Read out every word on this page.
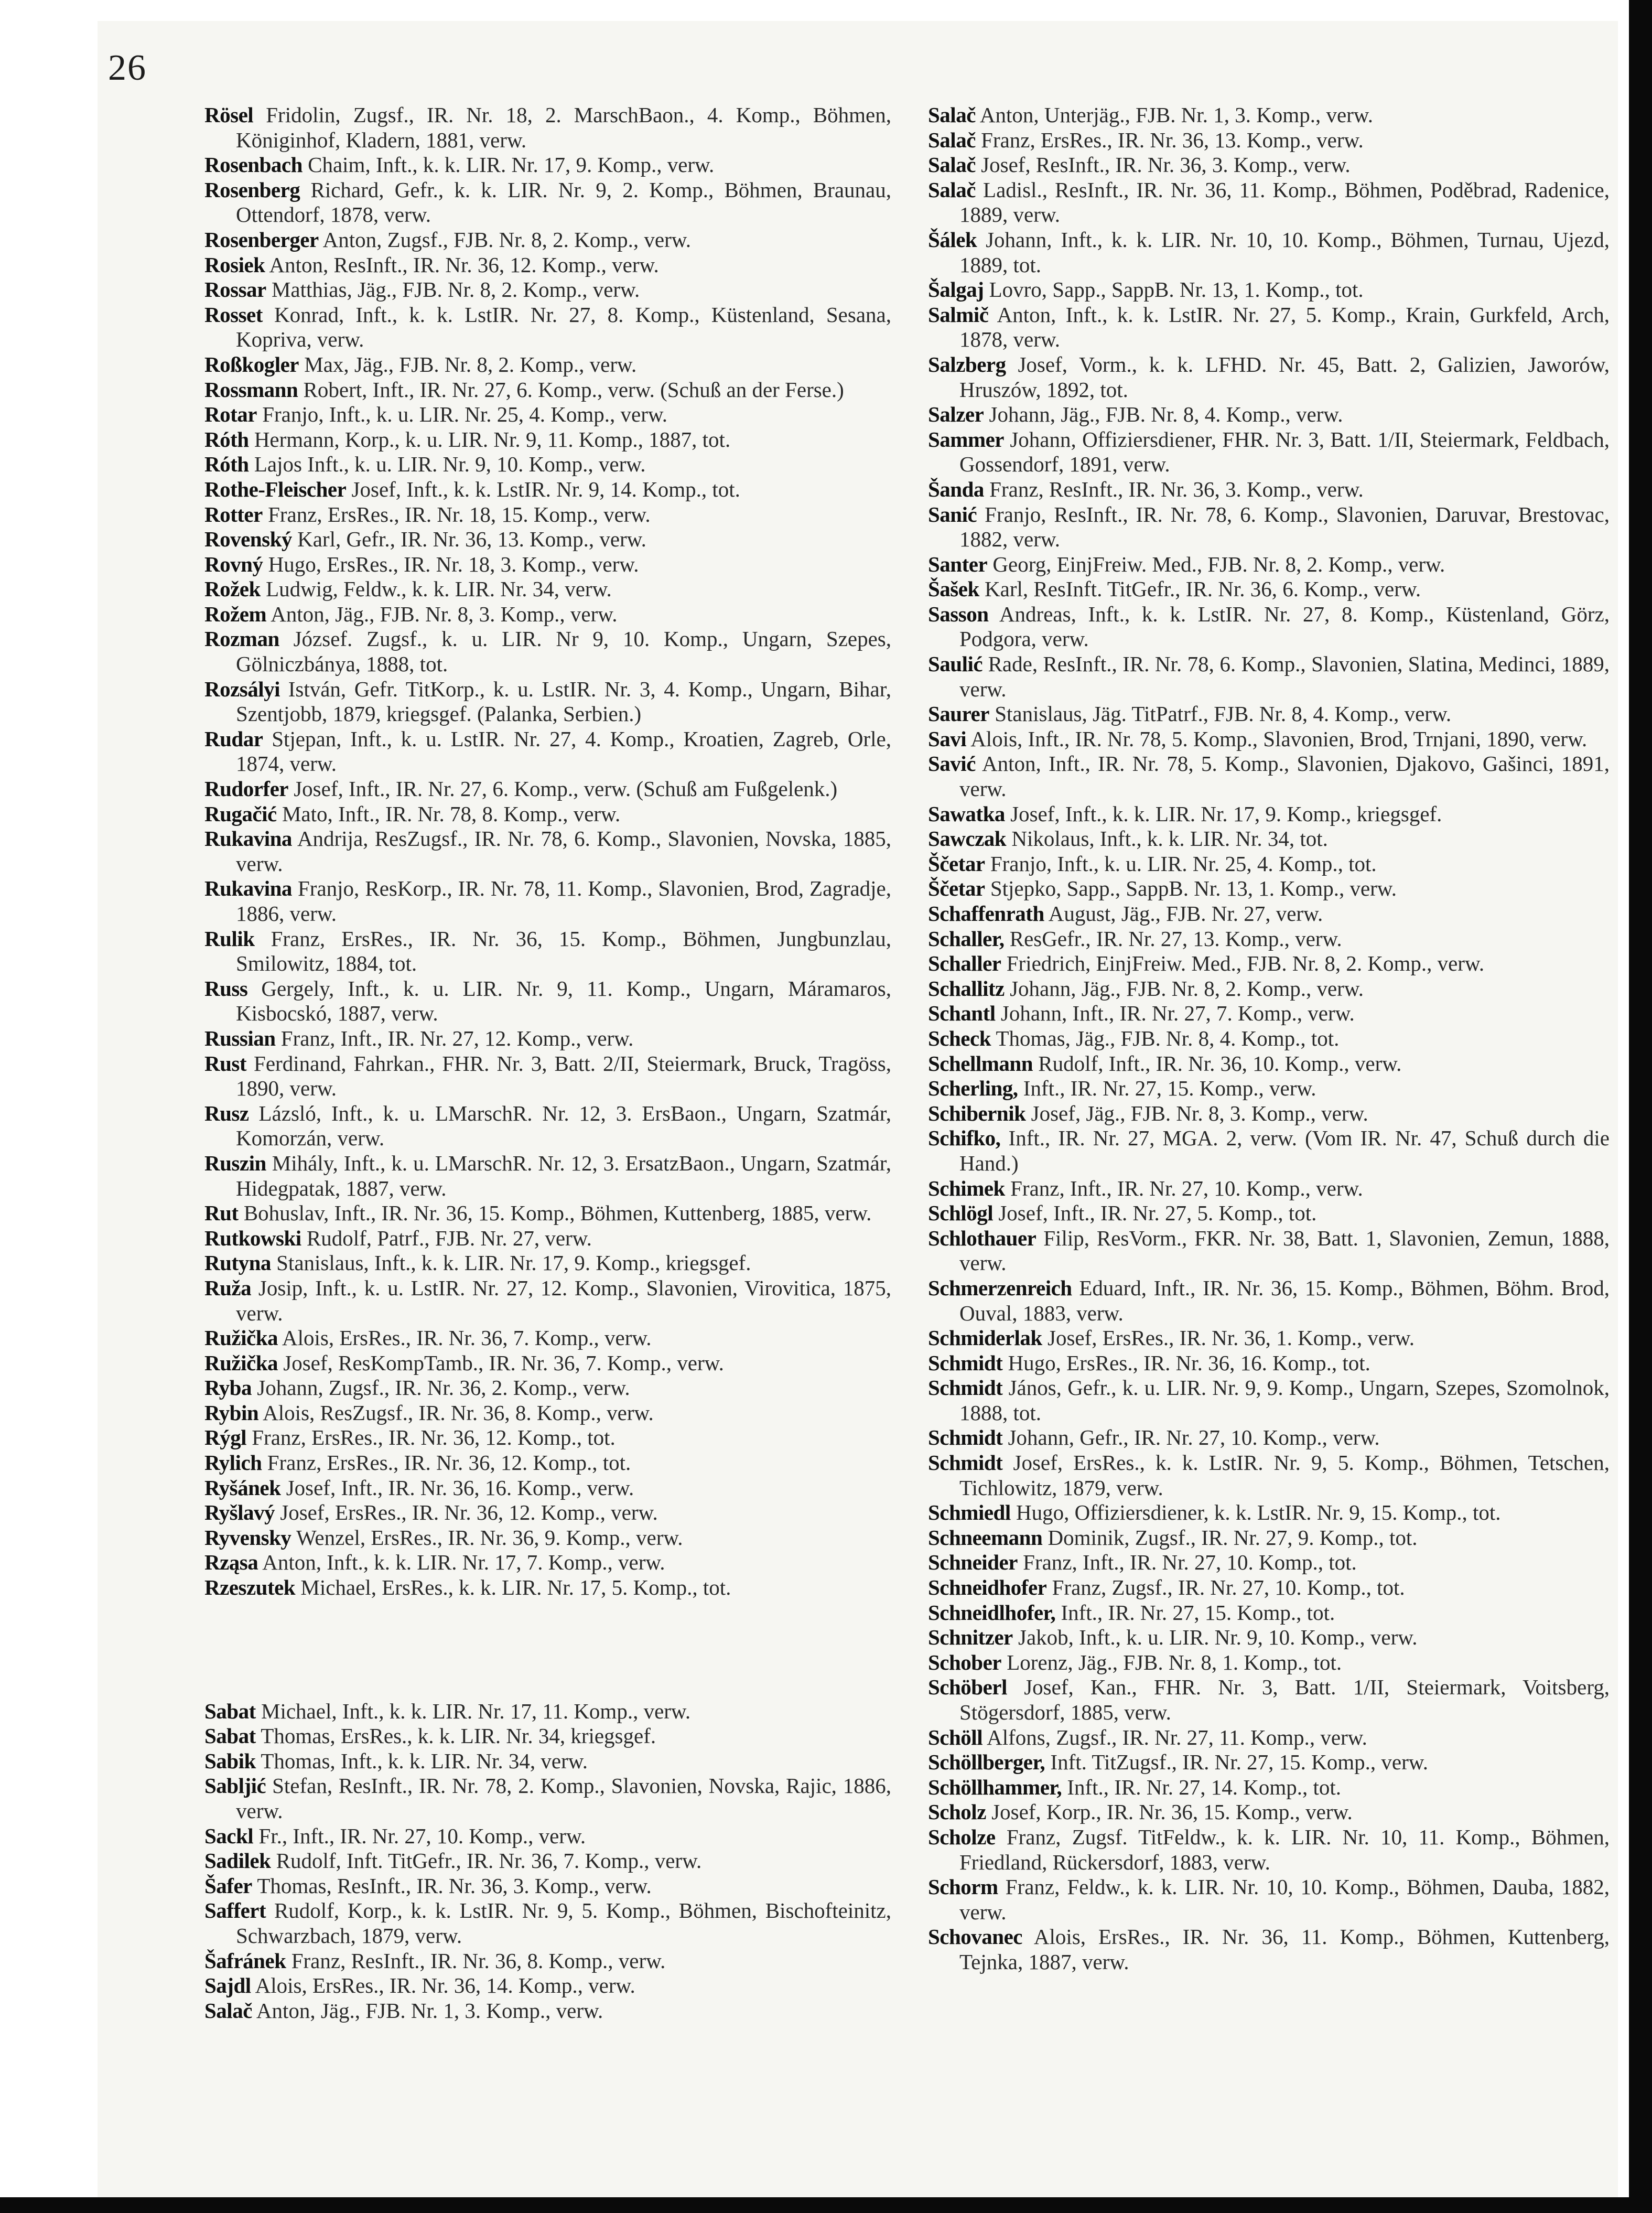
26
Rösel Fridolin, Zugsf., IR. Nr. 18, 2. MarschBaon., 4. Komp., Böhmen, Königinhof, Kladern, 1881, verw.
Rosenbach Chaim, Inft., k. k. LIR. Nr. 17, 9. Komp., verw.
Rosenberg Richard, Gefr., k. k. LIR. Nr. 9, 2. Komp., Böhmen, Braunau, Ottendorf, 1878, verw.
Rosenberger Anton, Zugsf., FJB. Nr. 8, 2. Komp., verw.
Rosiek Anton, ResInft., IR. Nr. 36, 12. Komp., verw.
Rossar Matthias, Jäg., FJB. Nr. 8, 2. Komp., verw.
Rosset Konrad, Inft., k. k. LstIR. Nr. 27, 8. Komp., Küstenland, Sesana, Kopriva, verw.
Roßkogler Max, Jäg., FJB. Nr. 8, 2. Komp., verw.
Rossmann Robert, Inft., IR. Nr. 27, 6. Komp., verw. (Schuß an der Ferse.)
Rotar Franjo, Inft., k. u. LIR. Nr. 25, 4. Komp., verw.
Róth Hermann, Korp., k. u. LIR. Nr. 9, 11. Komp., 1887, tot.
Róth Lajos Inft., k. u. LIR. Nr. 9, 10. Komp., verw.
Rothe-Fleischer Josef, Inft., k. k. LstIR. Nr. 9, 14. Komp., tot.
Rotter Franz, ErsRes., IR. Nr. 18, 15. Komp., verw.
Rovenský Karl, Gefr., IR. Nr. 36, 13. Komp., verw.
Rovný Hugo, ErsRes., IR. Nr. 18, 3. Komp., verw.
Rožek Ludwig, Feldw., k. k. LIR. Nr. 34, verw.
Rožem Anton, Jäg., FJB. Nr. 8, 3. Komp., verw.
Rozman József. Zugsf., k. u. LIR. Nr 9, 10. Komp., Ungarn, Szepes, Gölniczbánya, 1888, tot.
Rozsályi István, Gefr. TitKorp., k. u. LstIR. Nr. 3, 4. Komp., Ungarn, Bihar, Szentjobb, 1879, kriegsgef. (Palanka, Serbien.)
Rudar Stjepan, Inft., k. u. LstIR. Nr. 27, 4. Komp., Kroatien, Zagreb, Orle, 1874, verw.
Rudorfer Josef, Inft., IR. Nr. 27, 6. Komp., verw. (Schuß am Fußgelenk.)
Rugačić Mato, Inft., IR. Nr. 78, 8. Komp., verw.
Rukavina Andrija, ResZugsf., IR. Nr. 78, 6. Komp., Slavonien, Novska, 1885, verw.
Rukavina Franjo, ResKorp., IR. Nr. 78, 11. Komp., Slavonien, Brod, Zagradje, 1886, verw.
Rulik Franz, ErsRes., IR. Nr. 36, 15. Komp., Böhmen, Jungbunzlau, Smilowitz, 1884, tot.
Russ Gergely, Inft., k. u. LIR. Nr. 9, 11. Komp., Ungarn, Máramaros, Kisbocskó, 1887, verw.
Russian Franz, Inft., IR. Nr. 27, 12. Komp., verw.
Rust Ferdinand, Fahrkan., FHR. Nr. 3, Batt. 2/II, Steiermark, Bruck, Tragöss, 1890, verw.
Rusz Lázsló, Inft., k. u. LMarschR. Nr. 12, 3. ErsBaon., Ungarn, Szatmár, Komorzán, verw.
Ruszin Mihály, Inft., k. u. LMarschR. Nr. 12, 3. ErsatzBaon., Ungarn, Szatmár, Hidegpatak, 1887, verw.
Rut Bohuslav, Inft., IR. Nr. 36, 15. Komp., Böhmen, Kuttenberg, 1885, verw.
Rutkowski Rudolf, Patrf., FJB. Nr. 27, verw.
Rutyna Stanislaus, Inft., k. k. LIR. Nr. 17, 9. Komp., kriegsgef.
Ruža Josip, Inft., k. u. LstIR. Nr. 27, 12. Komp., Slavonien, Virovitica, 1875, verw.
Ružička Alois, ErsRes., IR. Nr. 36, 7. Komp., verw.
Ružička Josef, ResKompTamb., IR. Nr. 36, 7. Komp., verw.
Ryba Johann, Zugsf., IR. Nr. 36, 2. Komp., verw.
Rybin Alois, ResZugsf., IR. Nr. 36, 8. Komp., verw.
Rýgl Franz, ErsRes., IR. Nr. 36, 12. Komp., tot.
Rylich Franz, ErsRes., IR. Nr. 36, 12. Komp., tot.
Ryšánek Josef, Inft., IR. Nr. 36, 16. Komp., verw.
Ryšlavý Josef, ErsRes., IR. Nr. 36, 12. Komp., verw.
Ryvensky Wenzel, ErsRes., IR. Nr. 36, 9. Komp., verw.
Rząsa Anton, Inft., k. k. LIR. Nr. 17, 7. Komp., verw.
Rzeszutek Michael, ErsRes., k. k. LIR. Nr. 17, 5. Komp., tot.
Sabat Michael, Inft., k. k. LIR. Nr. 17, 11. Komp., verw.
Sabat Thomas, ErsRes., k. k. LIR. Nr. 34, kriegsgef.
Sabik Thomas, Inft., k. k. LIR. Nr. 34, verw.
Sabljić Stefan, ResInft., IR. Nr. 78, 2. Komp., Slavonien, Novska, Rajic, 1886, verw.
Sackl Fr., Inft., IR. Nr. 27, 10. Komp., verw.
Sadilek Rudolf, Inft. TitGefr., IR. Nr. 36, 7. Komp., verw.
Šafer Thomas, ResInft., IR. Nr. 36, 3. Komp., verw.
Saffert Rudolf, Korp., k. k. LstIR. Nr. 9, 5. Komp., Böhmen, Bischofteinitz, Schwarzbach, 1879, verw.
Šafránek Franz, ResInft., IR. Nr. 36, 8. Komp., verw.
Sajdl Alois, ErsRes., IR. Nr. 36, 14. Komp., verw.
Salač Anton, Jäg., FJB. Nr. 1, 3. Komp., verw.
Salač Anton, Unterjäg., FJB. Nr. 1, 3. Komp., verw.
Salač Franz, ErsRes., IR. Nr. 36, 13. Komp., verw.
Salač Josef, ResInft., IR. Nr. 36, 3. Komp., verw.
Salač Ladisl., ResInft., IR. Nr. 36, 11. Komp., Böhmen, Poděbrad, Radenice, 1889, verw.
Šálek Johann, Inft., k. k. LIR. Nr. 10, 10. Komp., Böhmen, Turnau, Ujezd, 1889, tot.
Šalgaj Lovro, Sapp., SappB. Nr. 13, 1. Komp., tot.
Salmič Anton, Inft., k. k. LstIR. Nr. 27, 5. Komp., Krain, Gurkfeld, Arch, 1878, verw.
Salzberg Josef, Vorm., k. k. LFHD. Nr. 45, Batt. 2, Galizien, Jaworów, Hruszów, 1892, tot.
Salzer Johann, Jäg., FJB. Nr. 8, 4. Komp., verw.
Sammer Johann, Offiziersdiener, FHR. Nr. 3, Batt. 1/II, Steiermark, Feldbach, Gossendorf, 1891, verw.
Šanda Franz, ResInft., IR. Nr. 36, 3. Komp., verw.
Sanić Franjo, ResInft., IR. Nr. 78, 6. Komp., Slavonien, Daruvar, Brestovac, 1882, verw.
Santer Georg, EinjFreiw. Med., FJB. Nr. 8, 2. Komp., verw.
Šašek Karl, ResInft. TitGefr., IR. Nr. 36, 6. Komp., verw.
Sasson Andreas, Inft., k. k. LstIR. Nr. 27, 8. Komp., Küstenland, Görz, Podgora, verw.
Saulić Rade, ResInft., IR. Nr. 78, 6. Komp., Slavonien, Slatina, Medinci, 1889, verw.
Saurer Stanislaus, Jäg. TitPatrf., FJB. Nr. 8, 4. Komp., verw.
Savi Alois, Inft., IR. Nr. 78, 5. Komp., Slavonien, Brod, Trnjani, 1890, verw.
Savić Anton, Inft., IR. Nr. 78, 5. Komp., Slavonien, Djakovo, Gašinci, 1891, verw.
Sawatka Josef, Inft., k. k. LIR. Nr. 17, 9. Komp., kriegsgef.
Sawczak Nikolaus, Inft., k. k. LIR. Nr. 34, tot.
Ščetar Franjo, Inft., k. u. LIR. Nr. 25, 4. Komp., tot.
Ščetar Stjepko, Sapp., SappB. Nr. 13, 1. Komp., verw.
Schaffenrath August, Jäg., FJB. Nr. 27, verw.
Schaller, ResGefr., IR. Nr. 27, 13. Komp., verw.
Schaller Friedrich, EinjFreiw. Med., FJB. Nr. 8, 2. Komp., verw.
Schallitz Johann, Jäg., FJB. Nr. 8, 2. Komp., verw.
Schantl Johann, Inft., IR. Nr. 27, 7. Komp., verw.
Scheck Thomas, Jäg., FJB. Nr. 8, 4. Komp., tot.
Schellmann Rudolf, Inft., IR. Nr. 36, 10. Komp., verw.
Scherling, Inft., IR. Nr. 27, 15. Komp., verw.
Schibernik Josef, Jäg., FJB. Nr. 8, 3. Komp., verw.
Schifko, Inft., IR. Nr. 27, MGA. 2, verw. (Vom IR. Nr. 47, Schuß durch die Hand.)
Schimek Franz, Inft., IR. Nr. 27, 10. Komp., verw.
Schlögl Josef, Inft., IR. Nr. 27, 5. Komp., tot.
Schlothauer Filip, ResVorm., FKR. Nr. 38, Batt. 1, Slavonien, Zemun, 1888, verw.
Schmerzenreich Eduard, Inft., IR. Nr. 36, 15. Komp., Böhmen, Böhm. Brod, Ouval, 1883, verw.
Schmiderlak Josef, ErsRes., IR. Nr. 36, 1. Komp., verw.
Schmidt Hugo, ErsRes., IR. Nr. 36, 16. Komp., tot.
Schmidt János, Gefr., k. u. LIR. Nr. 9, 9. Komp., Ungarn, Szepes, Szomolnok, 1888, tot.
Schmidt Johann, Gefr., IR. Nr. 27, 10. Komp., verw.
Schmidt Josef, ErsRes., k. k. LstIR. Nr. 9, 5. Komp., Böhmen, Tetschen, Tichlowitz, 1879, verw.
Schmiedl Hugo, Offiziersdiener, k. k. LstIR. Nr. 9, 15. Komp., tot.
Schneemann Dominik, Zugsf., IR. Nr. 27, 9. Komp., tot.
Schneider Franz, Inft., IR. Nr. 27, 10. Komp., tot.
Schneidhofer Franz, Zugsf., IR. Nr. 27, 10. Komp., tot.
Schneidlhofer, Inft., IR. Nr. 27, 15. Komp., tot.
Schnitzer Jakob, Inft., k. u. LIR. Nr. 9, 10. Komp., verw.
Schober Lorenz, Jäg., FJB. Nr. 8, 1. Komp., tot.
Schöberl Josef, Kan., FHR. Nr. 3, Batt. 1/II, Steiermark, Voitsberg, Stögersdorf, 1885, verw.
Schöll Alfons, Zugsf., IR. Nr. 27, 11. Komp., verw.
Schöllberger, Inft. TitZugsf., IR. Nr. 27, 15. Komp., verw.
Schöllhammer, Inft., IR. Nr. 27, 14. Komp., tot.
Scholz Josef, Korp., IR. Nr. 36, 15. Komp., verw.
Scholze Franz, Zugsf. TitFeldw., k. k. LIR. Nr. 10, 11. Komp., Böhmen, Friedland, Rückersdorf, 1883, verw.
Schorm Franz, Feldw., k. k. LIR. Nr. 10, 10. Komp., Böhmen, Dauba, 1882, verw.
Schovanec Alois, ErsRes., IR. Nr. 36, 11. Komp., Böhmen, Kuttenberg, Tejnka, 1887, verw.
